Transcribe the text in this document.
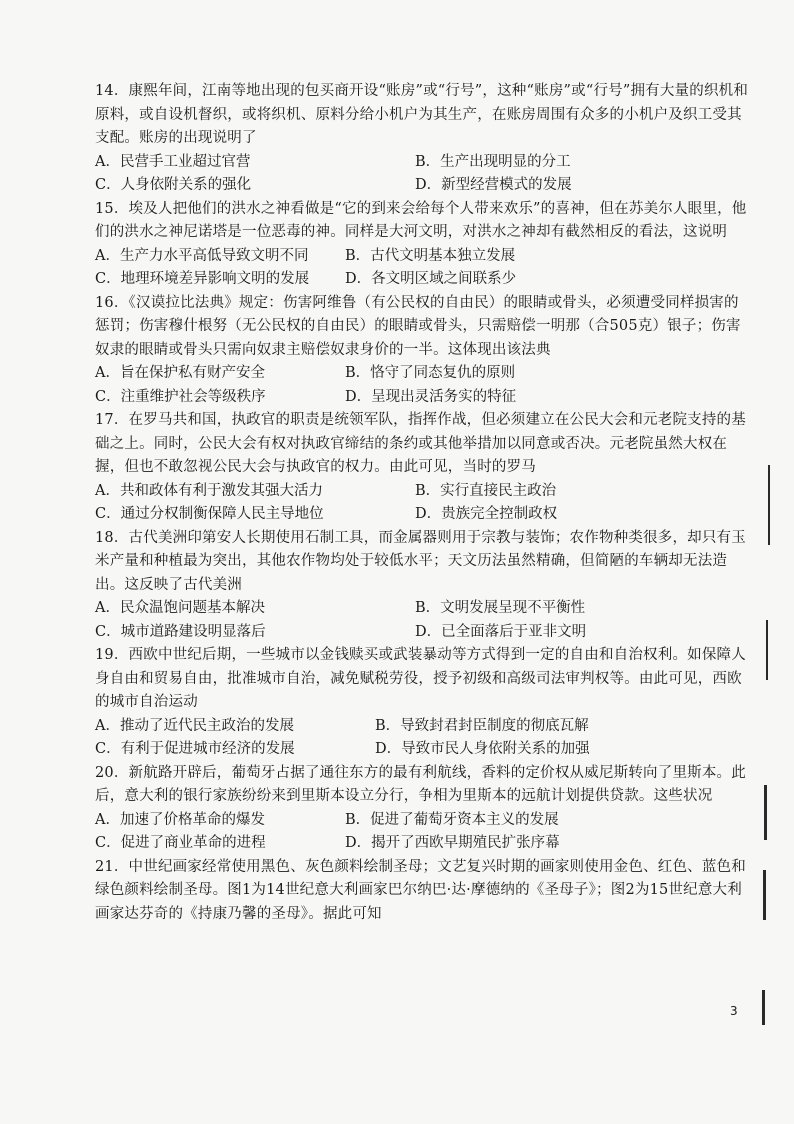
14．康熙年间，江南等地出现的包买商开设“账房”或“行号”，这种“账房”或“行号”拥有大量的织机和原料，或自设机督织，或将织机、原料分给小机户为其生产，在账房周围有众多的小机户及织工受其支配。账房的出现说明了
A．民营手工业超过官营	B．生产出现明显的分工
C．人身依附关系的强化	D．新型经营模式的发展
15．埃及人把他们的洪水之神看做是“它的到来会给每个人带来欢乐”的喜神，但在苏美尔人眼里，他们的洪水之神尼诺塔是一位恶毒的神。同样是大河文明，对洪水之神却有截然相反的看法，这说明
A．生产力水平高低导致文明不同	B．古代文明基本独立发展
C．地理环境差异影响文明的发展	D．各文明区域之间联系少
16．《汉谟拉比法典》规定：伤害阿维鲁（有公民权的自由民）的眼睛或骨头，必须遭受同样损害的惩罚；伤害穆什根努（无公民权的自由民）的眼睛或骨头，只需赔偿一明那（合505克）银子；伤害奴隶的眼睛或骨头只需向奴隶主赔偿奴隶身价的一半。这体现出该法典
A．旨在保护私有财产安全	B．恪守了同态复仇的原则
C．注重维护社会等级秩序	D．呈现出灵活务实的特征
17．在罗马共和国，执政官的职责是统领军队，指挥作战，但必须建立在公民大会和元老院支持的基础之上。同时，公民大会有权对执政官缔结的条约或其他举措加以同意或否决。元老院虽然大权在握，但也不敢忽视公民大会与执政官的权力。由此可见，当时的罗马
A．共和政体有利于激发其强大活力	B．实行直接民主政治
C．通过分权制衡保障人民主导地位	D．贵族完全控制政权
18．古代美洲印第安人长期使用石制工具，而金属器则用于宗教与装饰；农作物种类很多，却只有玉米产量和种植最为突出，其他农作物均处于较低水平；天文历法虽然精确，但简陋的车辆却无法造出。这反映了古代美洲
A．民众温饱问题基本解决	B．文明发展呈现不平衡性
C．城市道路建设明显落后	D．已全面落后于亚非文明
19．西欧中世纪后期，一些城市以金钱赎买或武装暴动等方式得到一定的自由和自治权利。如保障人身自由和贸易自由，批准城市自治，减免赋税劳役，授予初级和高级司法审判权等。由此可见，西欧的城市自治运动
A．推动了近代民主政治的发展	B．导致封君封臣制度的彻底瓦解
C．有利于促进城市经济的发展	D．导致市民人身依附关系的加强
20．新航路开辟后，葡萄牙占据了通往东方的最有利航线，香料的定价权从威尼斯转向了里斯本。此后，意大利的银行家族纷纷来到里斯本设立分行，争相为里斯本的远航计划提供贷款。这些状况
A．加速了价格革命的爆发	B．促进了葡萄牙资本主义的发展
C．促进了商业革命的进程	D．揭开了西欧早期殖民扩张序幕
21．中世纪画家经常使用黑色、灰色颜料绘制圣母；文艺复兴时期的画家则使用金色、红色、蓝色和绿色颜料绘制圣母。图1为14世纪意大利画家巴尔纳巴·达·摩德纳的《圣母子》；图2为15世纪意大利画家达芬奇的《持康乃馨的圣母》。据此可知
3
